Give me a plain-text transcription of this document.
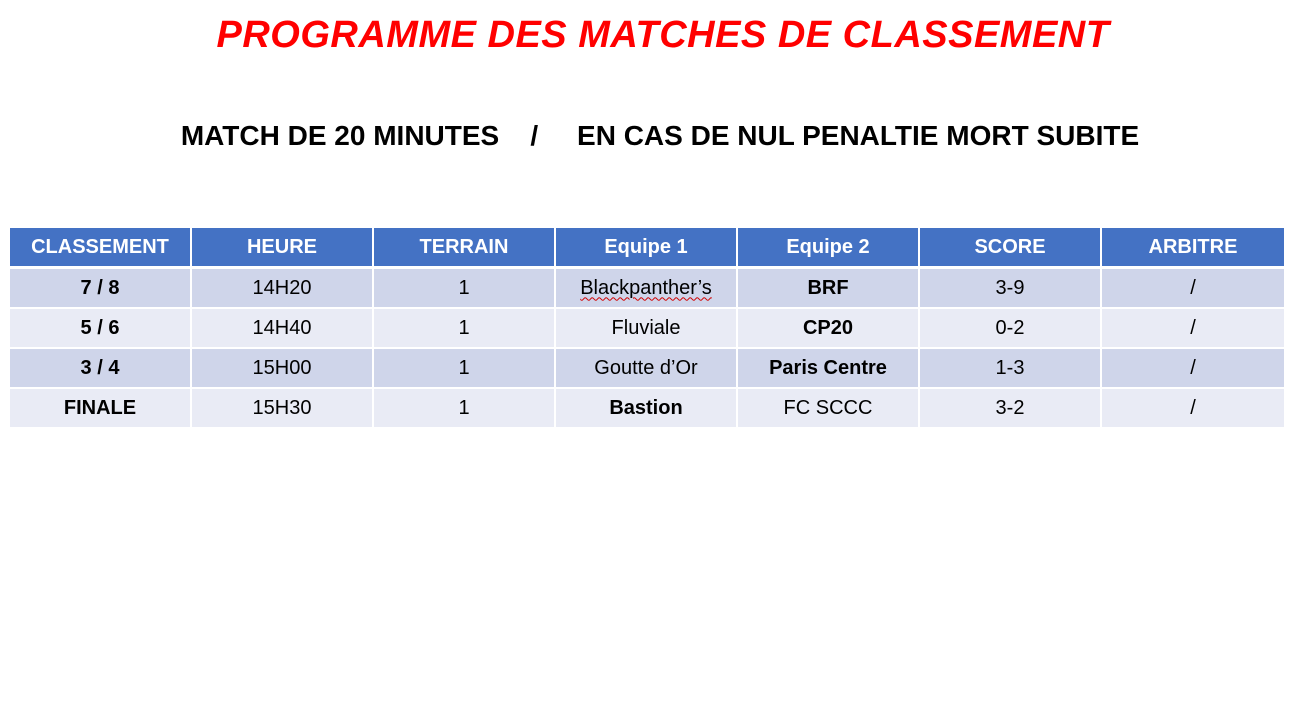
PROGRAMME DES MATCHES DE CLASSEMENT
MATCH DE 20 MINUTES    /     EN CAS DE NUL PENALTIE MORT SUBITE
CLASSEMENT	HEURE	TERRAIN	Equipe 1	Equipe 2	SCORE	ARBITRE
7 / 8	14H20	1	Blackpanther’s	BRF	3-9	/
5 / 6	14H40	1	Fluviale	CP20	0-2	/
3 / 4	15H00	1	Goutte d’Or	Paris Centre	1-3	/
FINALE	15H30	1	Bastion	FC SCCC	3-2	/
